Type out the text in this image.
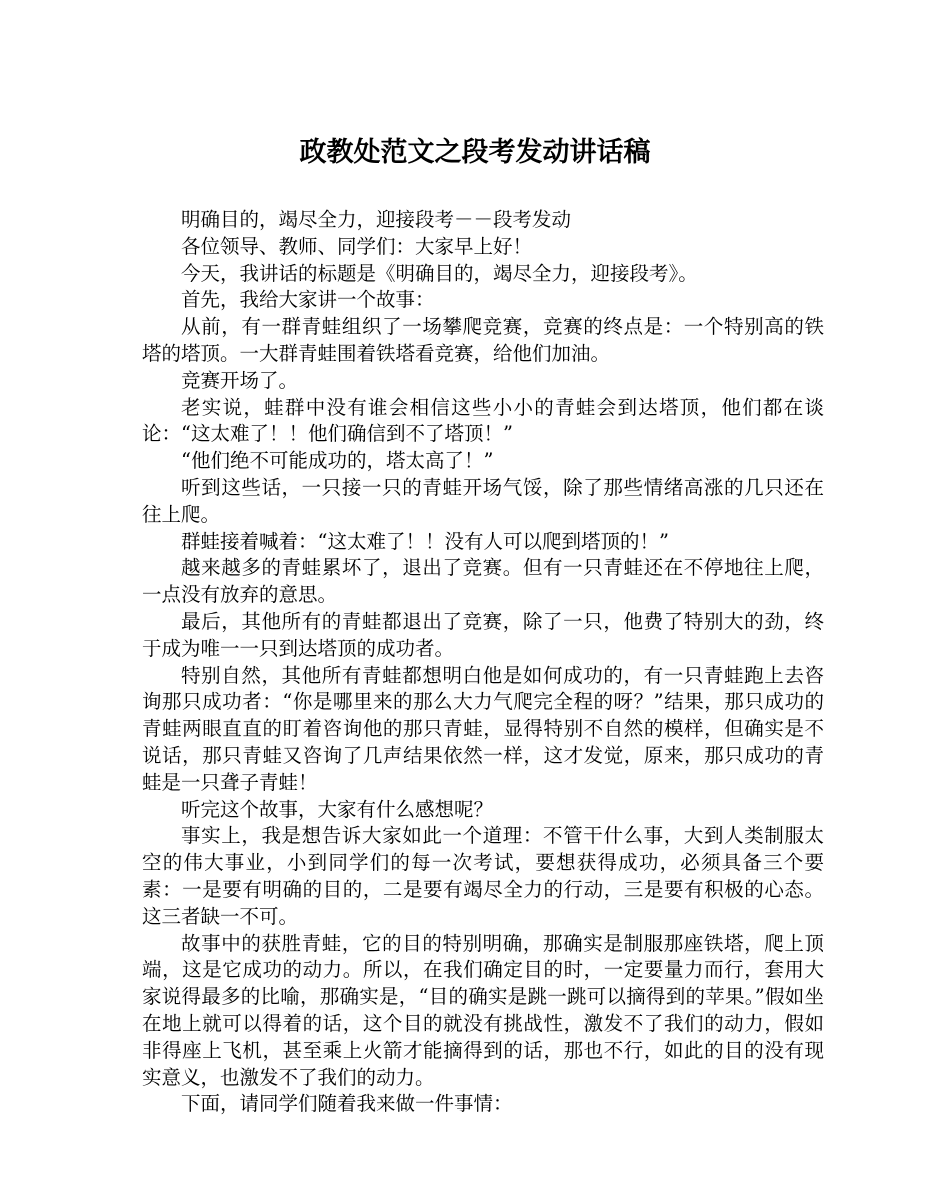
政教处范文之段考发动讲话稿

明确目的，竭尽全力，迎接段考－－段考发动

各位领导、教师、同学们：大家早上好！

今天，我讲话的标题是《明确目的，竭尽全力，迎接段考》。

首先，我给大家讲一个故事：

从前，有一群青蛙组织了一场攀爬竞赛，竞赛的终点是：一个特别高的铁塔的塔顶。一大群青蛙围着铁塔看竞赛，给他们加油。

竞赛开场了。

老实说，蛙群中没有谁会相信这些小小的青蛙会到达塔顶，他们都在谈论：“这太难了！！他们确信到不了塔顶！”

“他们绝不可能成功的，塔太高了！”

听到这些话，一只接一只的青蛙开场气馁，除了那些情绪高涨的几只还在往上爬。

群蛙接着喊着：“这太难了！！没有人可以爬到塔顶的！”

越来越多的青蛙累坏了，退出了竞赛。但有一只青蛙还在不停地往上爬，一点没有放弃的意思。

最后，其他所有的青蛙都退出了竞赛，除了一只，他费了特别大的劲，终于成为唯一一只到达塔顶的成功者。

特别自然，其他所有青蛙都想明白他是如何成功的，有一只青蛙跑上去咨询那只成功者：“你是哪里来的那么大力气爬完全程的呀？”结果，那只成功的青蛙两眼直直的盯着咨询他的那只青蛙，显得特别不自然的模样，但确实是不说话，那只青蛙又咨询了几声结果依然一样，这才发觉，原来，那只成功的青蛙是一只聋子青蛙！

听完这个故事，大家有什么感想呢？

事实上，我是想告诉大家如此一个道理：不管干什么事，大到人类制服太空的伟大事业，小到同学们的每一次考试，要想获得成功，必须具备三个要素：一是要有明确的目的，二是要有竭尽全力的行动，三是要有积极的心态。这三者缺一不可。

故事中的获胜青蛙，它的目的特别明确，那确实是制服那座铁塔，爬上顶端，这是它成功的动力。所以，在我们确定目的时，一定要量力而行，套用大家说得最多的比喻，那确实是，“目的确实是跳一跳可以摘得到的苹果。”假如坐在地上就可以得着的话，这个目的就没有挑战性，激发不了我们的动力，假如非得座上飞机，甚至乘上火箭才能摘得到的话，那也不行，如此的目的没有现实意义，也激发不了我们的动力。

下面，请同学们随着我来做一件事情：
